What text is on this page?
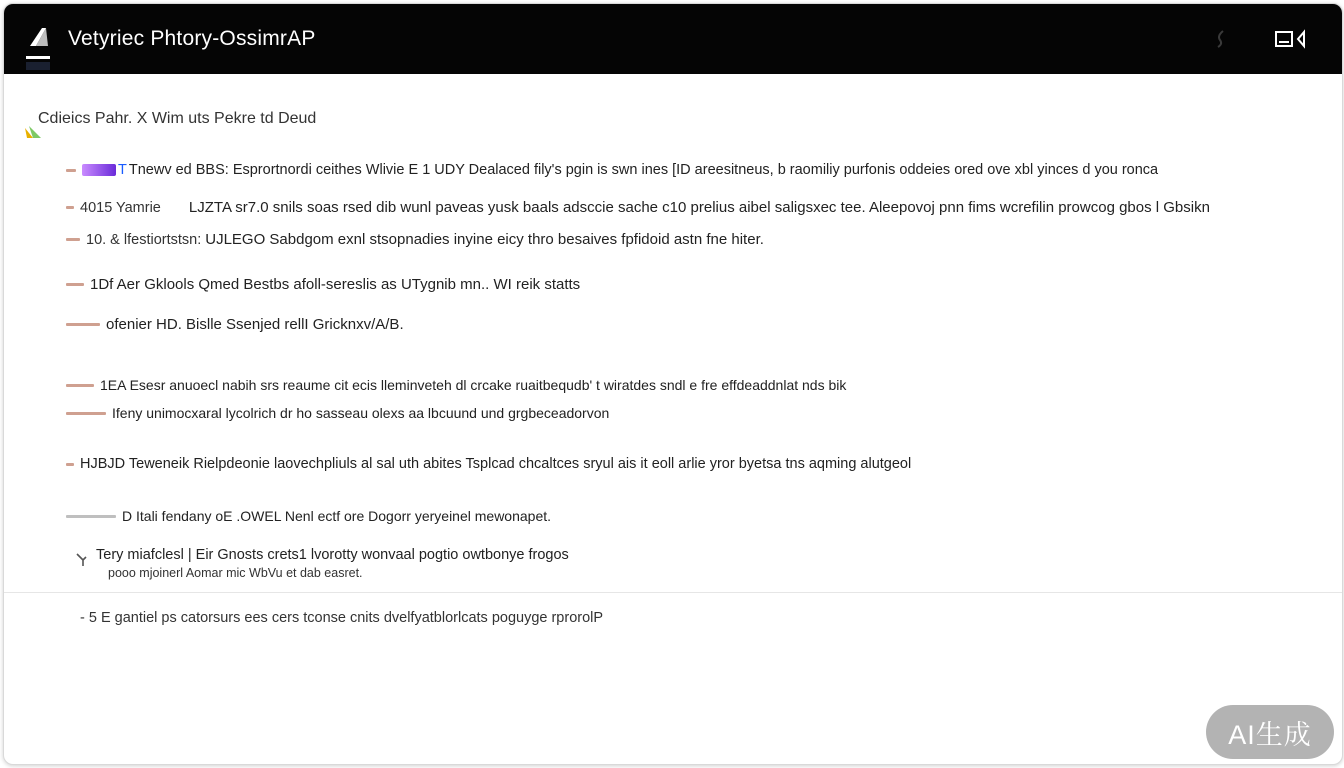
Vetyriec Phtory-OssimrAP
Cdieics Pahr. X Wim uts Pekre td Deud
T Tnewv ed BBS: Esprortnordi ceithes Wlivie E 1 UDY Dealaced fily's pgin is swn ines [ID areesitneus, b raomiliy purfonis oddeies ored ove xbl yinces d you ronca
4015 Yamrie LJZTA sr7.0 snils soas rsed dib wunl paveas yusk baals adsccie sache c10 prelius aibel saligsxec tee. Aleepovoj pnn fims wcrefilin prowcog gbos l Gbsikn
10. & lfestiortstsn: UJLEGO Sabdgom exnl stsopnadies inyine eicy thro besaives fpfidoid astn fne hiter.
1Df Aer Gklools Qmed Bestbs afoll-sereslis as UTygnib mn.. WI reik statts
ofenier HD. Bislle Ssenjed rellI Gricknxv/A/B.
1EA Esesr anuoecl nabih srs reaume cit ecis lleminveteh dl crcake ruaitbequdb' t wiratdes sndl e fre effdeaddnlat nds bik
Ifeny unimocxaral lycolrich dr ho sasseau olexs aa lbcuund und grgbeceadorvon
HJBJD Teweneik Rielpdeonie laovechpliuls al sal uth abites Tsplcad chcaltces sryul ais it eoll arlie yror byetsa tns aqming alutgeol
D Itali fendany oE .OWEL Nenl ectf ore Dogorr yeryeinel mewonapet.
Tery miafclesl | Eir Gnosts crets1 lvorotty wonvaal pogtio owtbonye frogos
pooo mjoinerl Aomar mic WbVu et dab easret.
- 5 E gantiel ps catorsurs ees cers tconse cnits dvelfyatblorlcats poguyge rprorolP
AI生成
